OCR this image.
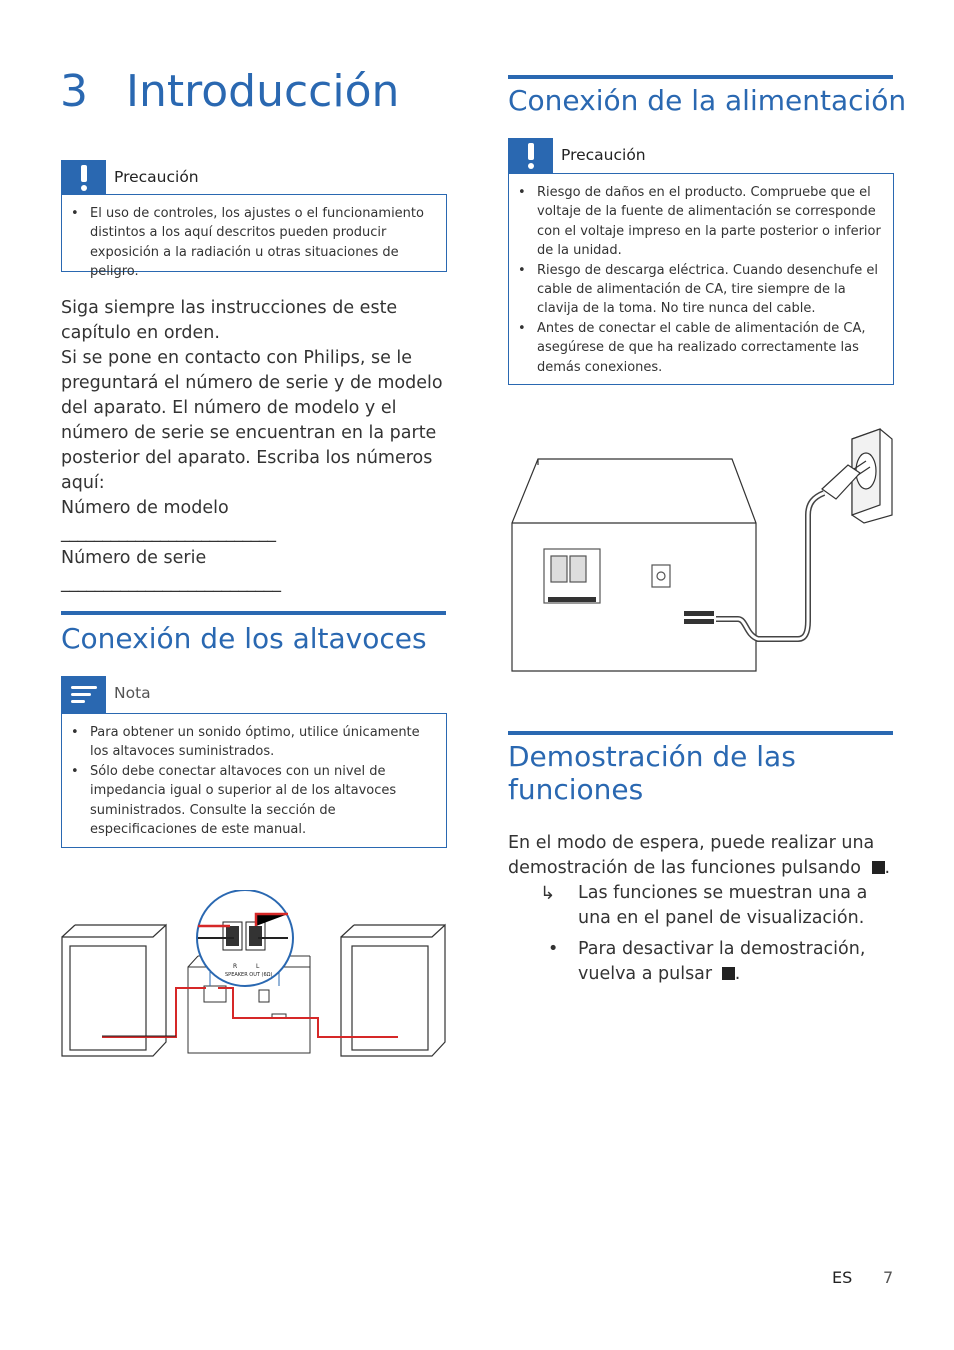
3 Introducción
Precaución
• El uso de controles, los ajustes o el funcionamiento distintos a los aquí descritos pueden producir exposición a la radiación u otras situaciones de peligro.
Siga siempre las instrucciones de este capítulo en orden.
Si se pone en contacto con Philips, se le preguntará el número de serie y de modelo del aparato. El número de modelo y el número de serie se encuentran en la parte posterior del aparato. Escriba los números aquí:
Número de modelo
__________________________
Número de serie
__________________________
Conexión de los altavoces
Nota
• Para obtener un sonido óptimo, utilice únicamente los altavoces suministrados.
• Sólo debe conectar altavoces con un nivel de impedancia igual o superior al de los altavoces suministrados. Consulte la sección de especificaciones de este manual.
R	L
SPEAKER OUT (6Ω)
Conexión de la alimentación
Precaución
• Riesgo de daños en el producto. Compruebe que el voltaje de la fuente de alimentación se corresponde con el voltaje impreso en la parte posterior o inferior de la unidad.
• Riesgo de descarga eléctrica. Cuando desenchufe el cable de alimentación de CA, tire siempre de la clavija de la toma. No tire nunca del cable.
• Antes de conectar el cable de alimentación de CA, asegúrese de que ha realizado correctamente las demás conexiones.
Demostración de las
funciones
En el modo de espera, puede realizar una demostración de las funciones pulsando .
↳ Las funciones se muestran una a una en el panel de visualización.
• Para desactivar la demostración, vuelva a pulsar .
ES 7
